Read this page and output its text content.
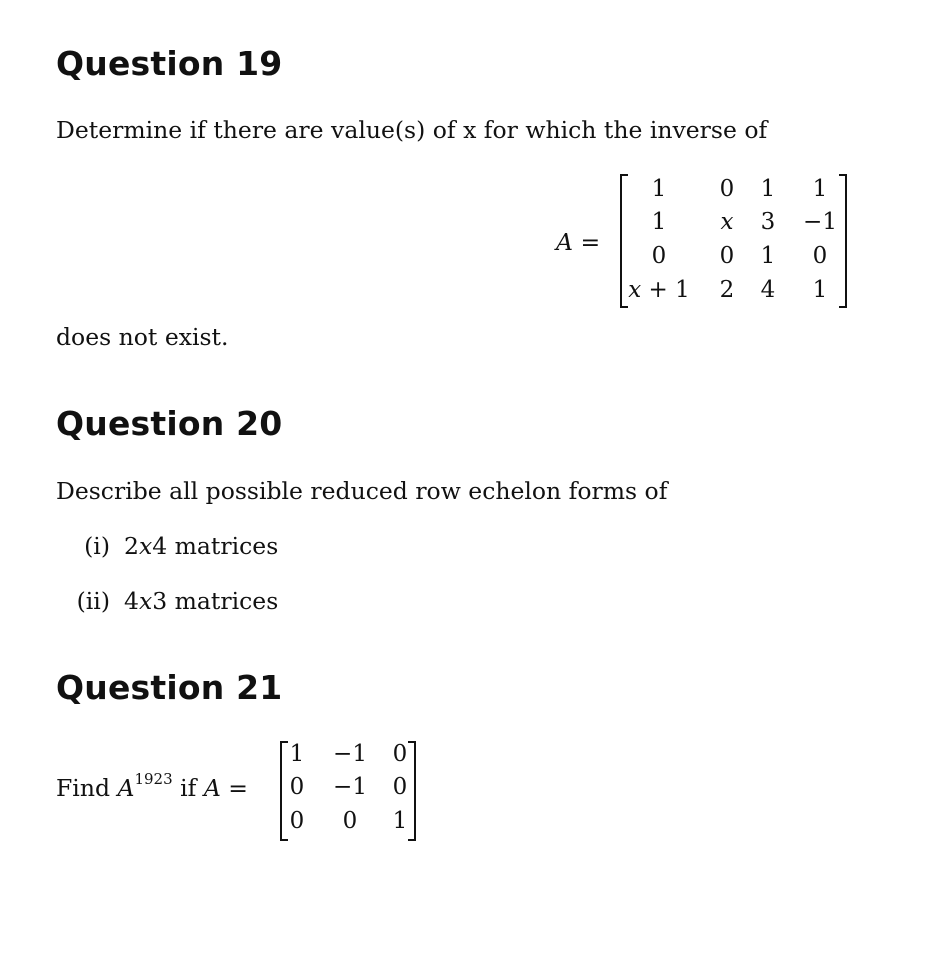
Question 19

Determine if there are value(s) of x for which the inverse of

A =
1 0 1 1
1 x 3 −1
0 0 1 0
x + 1 2 4 1

does not exist.

Question 20

Describe all possible reduced row echelon forms of

(i) 2x4 matrices
(ii) 4x3 matrices
Question 21
Find $A^{1923}$ if A =
1 −1 0
0 −1 0
0 0 1
